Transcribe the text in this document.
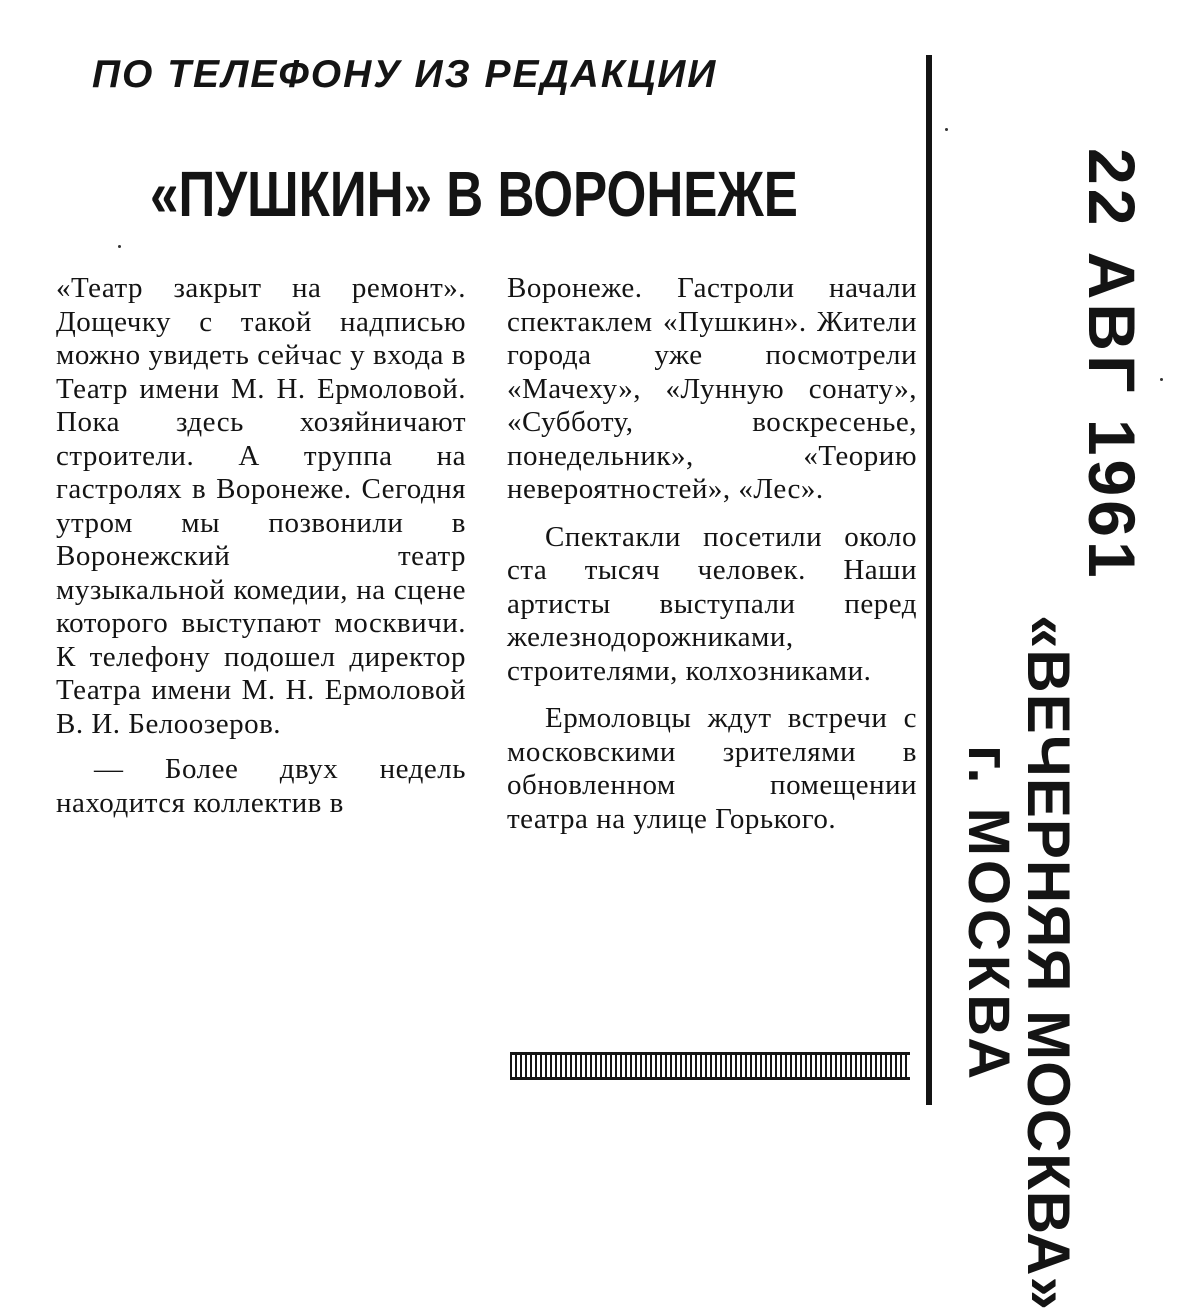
ПО ТЕЛЕФОНУ ИЗ РЕДАКЦИИ
«ПУШКИН» В ВОРОНЕЖЕ

«Театр закрыт на ремонт». Дощечку с такой надписью можно увидеть сейчас у входа в Театр имени М. Н. Ермоловой. Пока здесь хозяйничают строители. А труппа на гастролях в Воронеже. Сегодня утром мы позвонили в Воронежский театр музыкальной комедии, на сцене которого выступают москвичи. К телефону подошел директор Театра имени М. Н. Ермоловой В. И. Белоозеров.

— Более двух недель находится коллектив в

Воронеже. Гастроли начали спектаклем «Пушкин». Жители города уже посмотрели «Мачеху», «Лунную сонату», «Субботу, воскресенье, понедельник», «Теорию невероятностей», «Лес».

Спектакли посетили около ста тысяч человек. Наши артисты выступали перед железнодорожниками, строителями, колхозниками.

Ермоловцы ждут встречи с московскими зрителями в обновленном помещении театра на улице Горького.

22 АВГ 1961
«ВЕЧЕРНЯЯ МОСКВА»
г. МОСКВА
